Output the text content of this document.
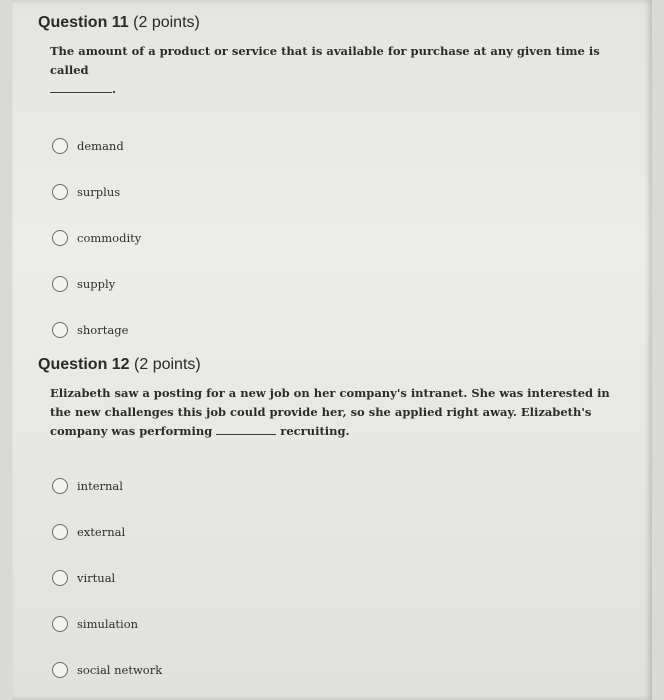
Question 11 (2 points)
The amount of a product or service that is available for purchase at any given time is called
.
demand
surplus
commodity
supply
shortage
Question 12 (2 points)
Elizabeth saw a posting for a new job on her company's intranet. She was interested in the new challenges this job could provide her, so she applied right away. Elizabeth's company was performing	recruiting.
internal
external
virtual
simulation
social network
